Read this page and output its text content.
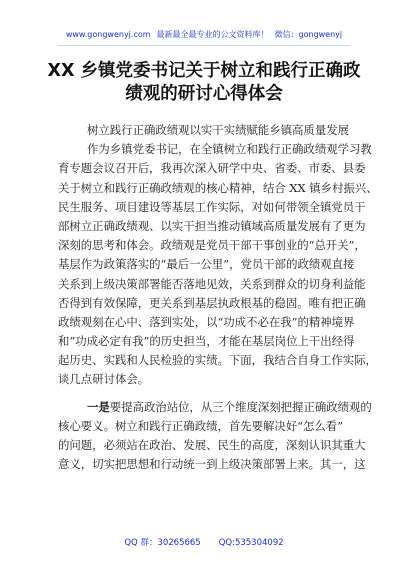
www.gongwenyj.com 最新最全最专业的公文资料库！ 微信：gongwenyj
XX 乡镇党委书记关于树立和践行正确政
绩观的研讨心得体会
树立践行正确政绩观以实干实绩赋能乡镇高质量发展
作为乡镇党委书记，在全镇树立和践行正确政绩观学习教
育专题会议召开后，我再次深入研学中央、省委、市委、县委
关于树立和践行正确政绩观的核心精神，结合 XX 镇乡村振兴、
民生服务、项目建设等基层工作实际，对如何带领全镇党员干
部树立正确政绩观、以实干担当推动镇域高质量发展有了更为
深刻的思考和体会。政绩观是党员干部干事创业的“总开关”，
基层作为政策落实的“最后一公里”，党员干部的政绩观直接
关系到上级决策部署能否落地见效，关系到群众的切身利益能
否得到有效保障，更关系到基层执政根基的稳固。唯有把正确
政绩观刻在心中、落到实处，以“功成不必在我”的精神境界
和“功成必定有我”的历史担当，才能在基层岗位上干出经得
起历史、实践和人民检验的实绩。下面，我结合自身工作实际，
谈几点研讨体会。
一是要提高政治站位，从三个维度深刻把握正确政绩观的
核心要义。树立和践行正确政绩，首先要解决好“怎么看”
的问题，必须站在政治、发展、民生的高度，深刻认识其重大
意义，切实把思想和行动统一到上级决策部署上来。其一，这
QQ 群：30265665 QQ:535304092
